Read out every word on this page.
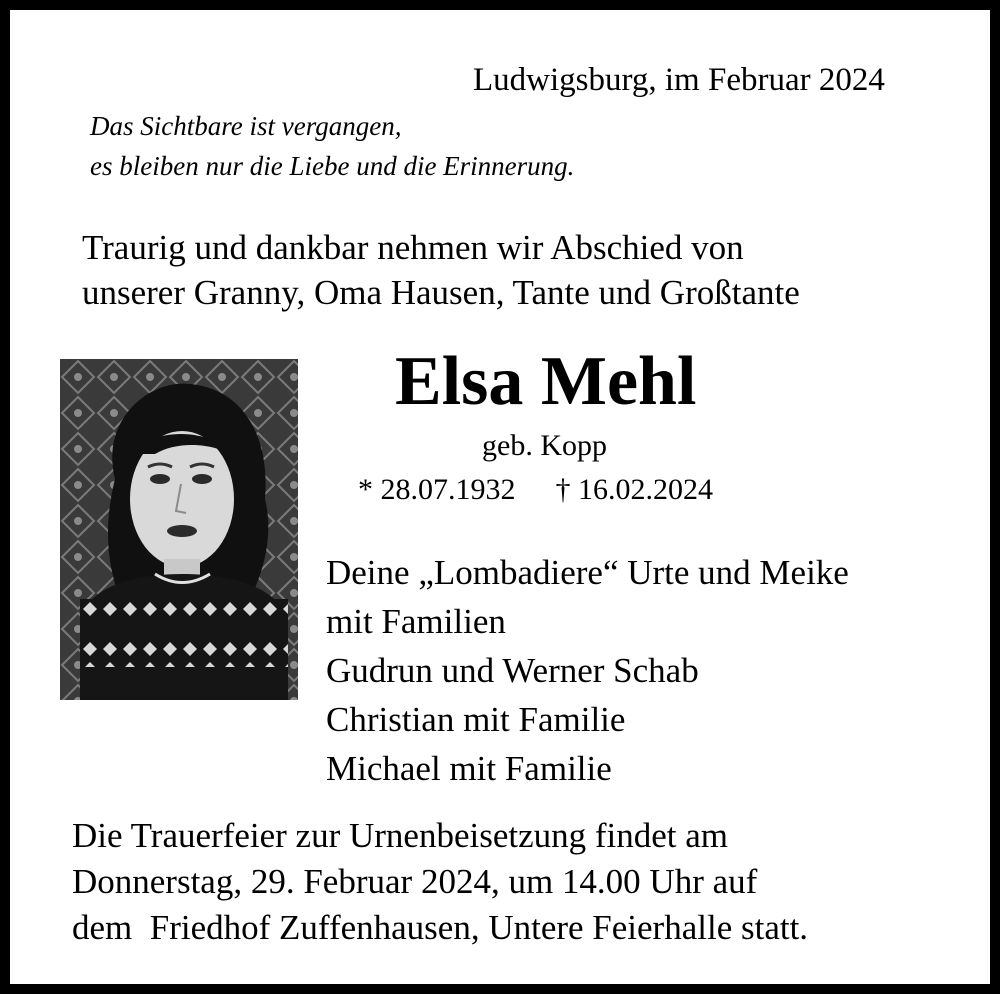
Ludwigsburg, im Februar 2024
Das Sichtbare ist vergangen,
es bleiben nur die Liebe und die Erinnerung.
Traurig und dankbar nehmen wir Abschied von
unserer Granny, Oma Hausen, Tante und Großtante
Elsa Mehl
geb. Kopp
* 28.07.1932 † 16.02.2024
Deine „Lombadiere“ Urte und Meike
mit Familien
Gudrun und Werner Schab
Christian mit Familie
Michael mit Familie
Die Trauerfeier zur Urnenbeisetzung findet am
Donnerstag, 29. Februar 2024, um 14.00 Uhr auf
dem  Friedhof Zuffenhausen, Untere Feierhalle statt.
